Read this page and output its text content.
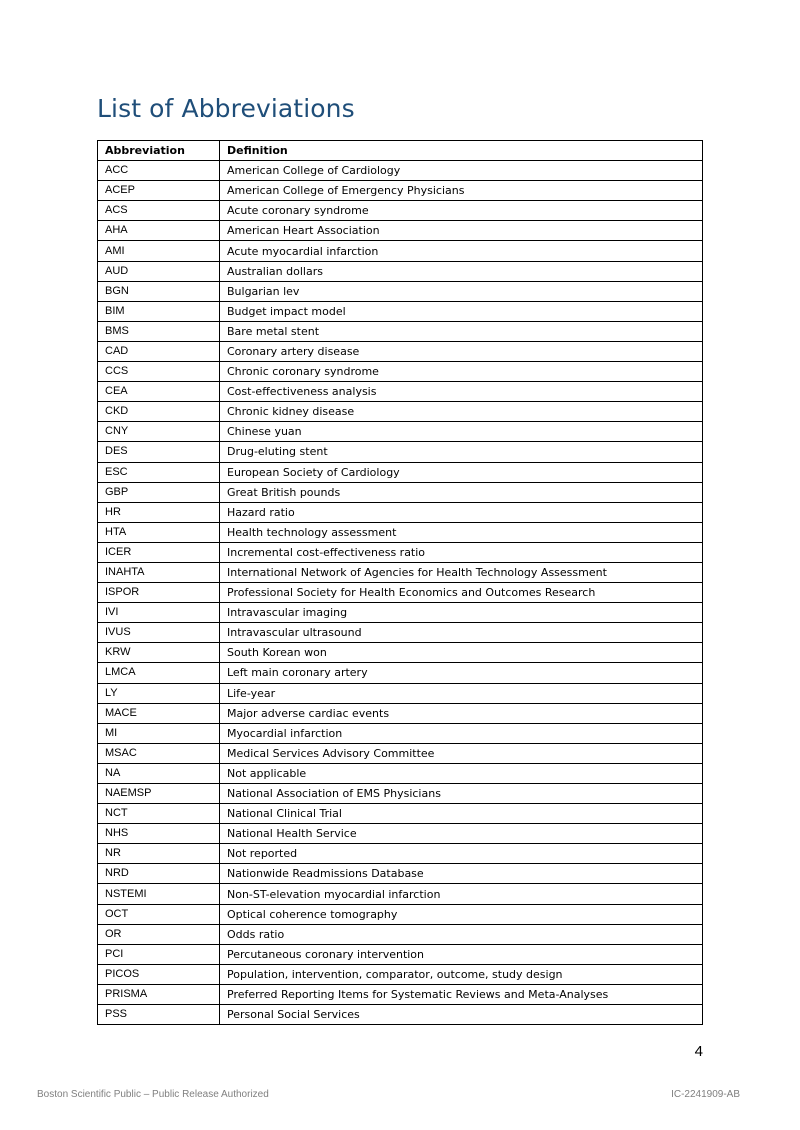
List of Abbreviations
Abbreviation	Definition
ACC	American College of Cardiology
ACEP	American College of Emergency Physicians
ACS	Acute coronary syndrome
AHA	American Heart Association
AMI	Acute myocardial infarction
AUD	Australian dollars
BGN	Bulgarian lev
BIM	Budget impact model
BMS	Bare metal stent
CAD	Coronary artery disease
CCS	Chronic coronary syndrome
CEA	Cost-effectiveness analysis
CKD	Chronic kidney disease
CNY	Chinese yuan
DES	Drug-eluting stent
ESC	European Society of Cardiology
GBP	Great British pounds
HR	Hazard ratio
HTA	Health technology assessment
ICER	Incremental cost-effectiveness ratio
INAHTA	International Network of Agencies for Health Technology Assessment
ISPOR	Professional Society for Health Economics and Outcomes Research
IVI	Intravascular imaging
IVUS	Intravascular ultrasound
KRW	South Korean won
LMCA	Left main coronary artery
LY	Life-year
MACE	Major adverse cardiac events
MI	Myocardial infarction
MSAC	Medical Services Advisory Committee
NA	Not applicable
NAEMSP	National Association of EMS Physicians
NCT	National Clinical Trial
NHS	National Health Service
NR	Not reported
NRD	Nationwide Readmissions Database
NSTEMI	Non-ST-elevation myocardial infarction
OCT	Optical coherence tomography
OR	Odds ratio
PCI	Percutaneous coronary intervention
PICOS	Population, intervention, comparator, outcome, study design
PRISMA	Preferred Reporting Items for Systematic Reviews and Meta-Analyses
PSS	Personal Social Services
4
Boston Scientific Public – Public Release Authorized	IC-2241909-AB
